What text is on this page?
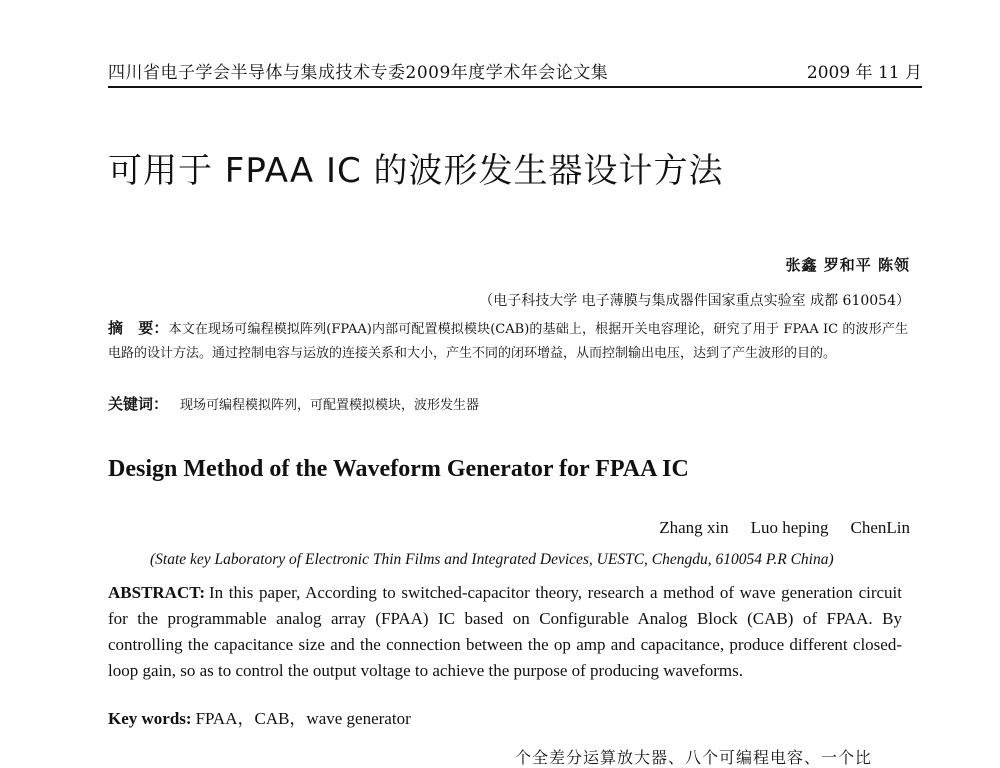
四川省电子学会半导体与集成技术专委2009年度学术年会论文集	2009 年 11 月
可用于 FPAA IC 的波形发生器设计方法
张鑫 罗和平 陈领
（电子科技大学 电子薄膜与集成器件国家重点实验室 成都 610054）
摘　要：本文在现场可编程模拟阵列(FPAA)内部可配置模拟模块(CAB)的基础上，根据开关电容理论，研究了用于 FPAA IC 的波形产生电路的设计方法。通过控制电容与运放的连接关系和大小，产生不同的闭环增益，从而控制输出电压，达到了产生波形的目的。
关键词： 现场可编程模拟阵列，可配置模拟模块，波形发生器
Design Method of the Waveform Generator for FPAA IC
Zhang xin Luo heping ChenLin
(State key Laboratory of Electronic Thin Films and Integrated Devices, UESTC, Chengdu, 610054 P.R China)
ABSTRACT: In this paper, According to switched-capacitor theory, research a method of wave generation circuit for the programmable analog array (FPAA) IC based on Configurable Analog Block (CAB) of FPAA. By controlling the capacitance size and the connection between the op amp and capacitance, produce different closed-loop gain, so as to control the output voltage to achieve the purpose of producing waveforms.
Key words: FPAA，CAB，wave generator
个全差分运算放大器、八个可编程电容、一个比
